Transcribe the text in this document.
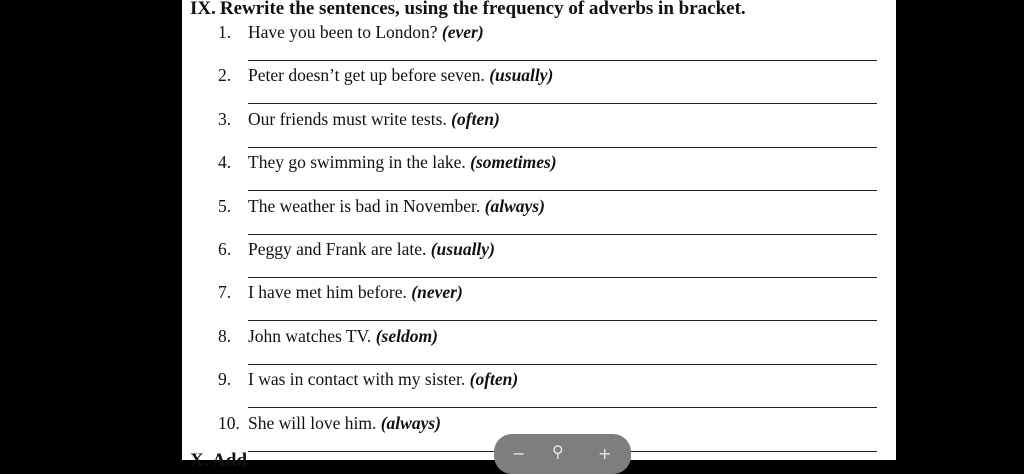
IX. Rewrite the sentences, using the frequency of adverbs in bracket.
1. Have you been to London? (ever)
2. Peter doesn’t get up before seven. (usually)
3. Our friends must write tests. (often)
4. They go swimming in the lake. (sometimes)
5. The weather is bad in November. (always)
6. Peggy and Frank are late. (usually)
7. I have met him before. (never)
8. John watches TV. (seldom)
9. I was in contact with my sister. (often)
10. She will love him. (always)
X. Add	− ⚲ +
